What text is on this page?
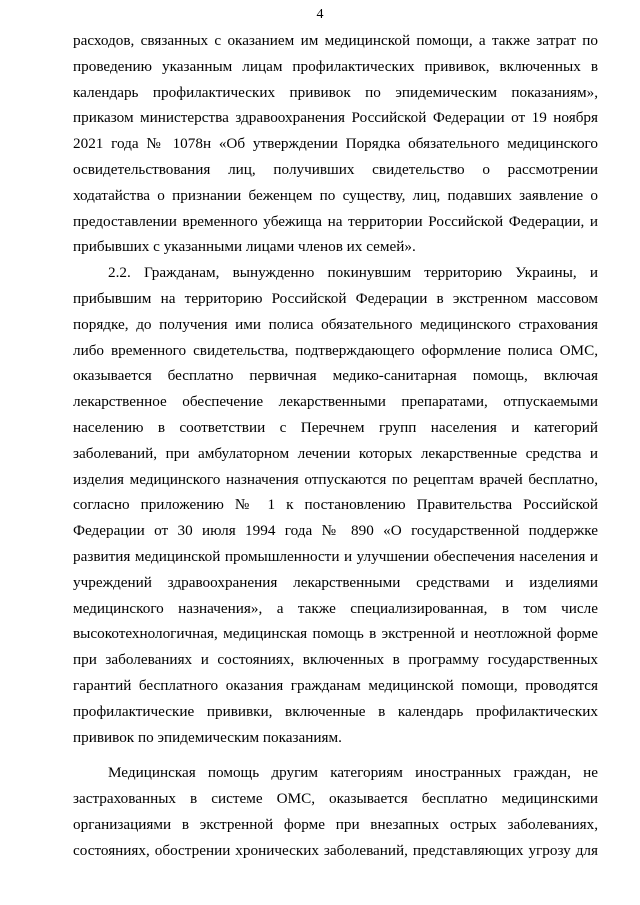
4
расходов, связанных с оказанием им медицинской помощи, а также затрат по
проведению указанным лицам профилактических прививок, включенных в
календарь профилактических прививок по эпидемическим показаниям»,
приказом министерства здравоохранения Российской Федерации от 19 ноября
2021 года № 1078н «Об утверждении Порядка обязательного медицинского
освидетельствования лиц, получивших свидетельство о рассмотрении
ходатайства о признании беженцем по существу, лиц, подавших заявление о
предоставлении временного убежища на территории Российской Федерации, и
прибывших с указанными лицами членов их семей».
2.2. Гражданам, вынужденно покинувшим территорию Украины, и
прибывшим на территорию Российской Федерации в экстренном массовом
порядке, до получения ими полиса обязательного медицинского страхования
либо временного свидетельства, подтверждающего оформление полиса ОМС,
оказывается бесплатно первичная медико-санитарная помощь, включая
лекарственное обеспечение лекарственными препаратами, отпускаемыми
населению в соответствии с Перечнем групп населения и категорий
заболеваний, при амбулаторном лечении которых лекарственные средства и
изделия медицинского назначения отпускаются по рецептам врачей бесплатно,
согласно приложению № 1 к постановлению Правительства Российской
Федерации от 30 июля 1994 года № 890 «О государственной поддержке
развития медицинской промышленности и улучшении обеспечения населения и
учреждений здравоохранения лекарственными средствами и изделиями
медицинского назначения», а также специализированная, в том числе
высокотехнологичная, медицинская помощь в экстренной и неотложной форме
при заболеваниях и состояниях, включенных в программу государственных
гарантий бесплатного оказания гражданам медицинской помощи, проводятся
профилактические прививки, включенные в календарь профилактических
прививок по эпидемическим показаниям.
Медицинская помощь другим категориям иностранных граждан, не
застрахованных в системе ОМС, оказывается бесплатно медицинскими
организациями в экстренной форме при внезапных острых заболеваниях,
состояниях, обострении хронических заболеваний, представляющих угрозу для
